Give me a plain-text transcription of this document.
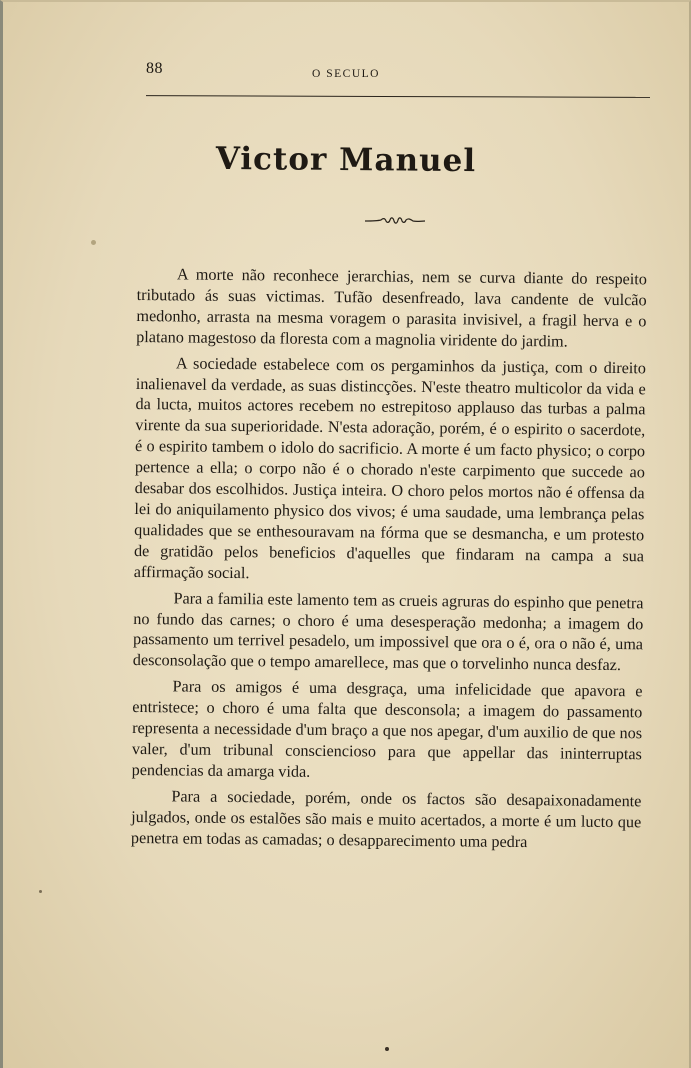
88	O SECULO
Victor Manuel

A morte não reconhece jerarchias, nem se curva diante do respeito tributado ás suas victimas. Tufão desenfreado, lava candente de vulcão medonho, arrasta na mesma voragem o parasita invisivel, a fragil herva e o platano magestoso da floresta com a magnolia viridente do jardim.

A sociedade estabelece com os pergaminhos da justiça, com o direito inalienavel da verdade, as suas distincções. N'este theatro multicolor da vida e da lucta, muitos actores recebem no estrepitoso applauso das turbas a palma virente da sua superioridade. N'esta adoração, porém, é o espirito o sacerdote, é o espirito tambem o idolo do sacrificio. A morte é um facto physico; o corpo pertence a ella; o corpo não é o chorado n'este carpimento que succede ao desabar dos escolhidos. Justiça inteira. O choro pelos mortos não é offensa da lei do aniquilamento physico dos vivos; é uma saudade, uma lembrança pelas qualidades que se enthesouravam na fórma que se desmancha, e um protesto de gratidão pelos beneficios d'aquelles que findaram na campa a sua affirmação social.

Para a familia este lamento tem as crueis agruras do espinho que penetra no fundo das carnes; o choro é uma desesperação medonha; a imagem do passamento um terrivel pesadelo, um impossivel que ora o é, ora o não é, uma desconsolação que o tempo amarellece, mas que o torvelinho nunca desfaz.

Para os amigos é uma desgraça, uma infelicidade que apavora e entristece; o choro é uma falta que desconsola; a imagem do passamento representa a necessidade d'um braço a que nos apegar, d'um auxilio de que nos valer, d'um tribunal consciencioso para que appellar das ininterruptas pendencias da amarga vida.

Para a sociedade, porém, onde os factos são desapaixonadamente julgados, onde os estalões são mais e muito acertados, a morte é um lucto que penetra em todas as camadas; o desapparecimento uma pedra
